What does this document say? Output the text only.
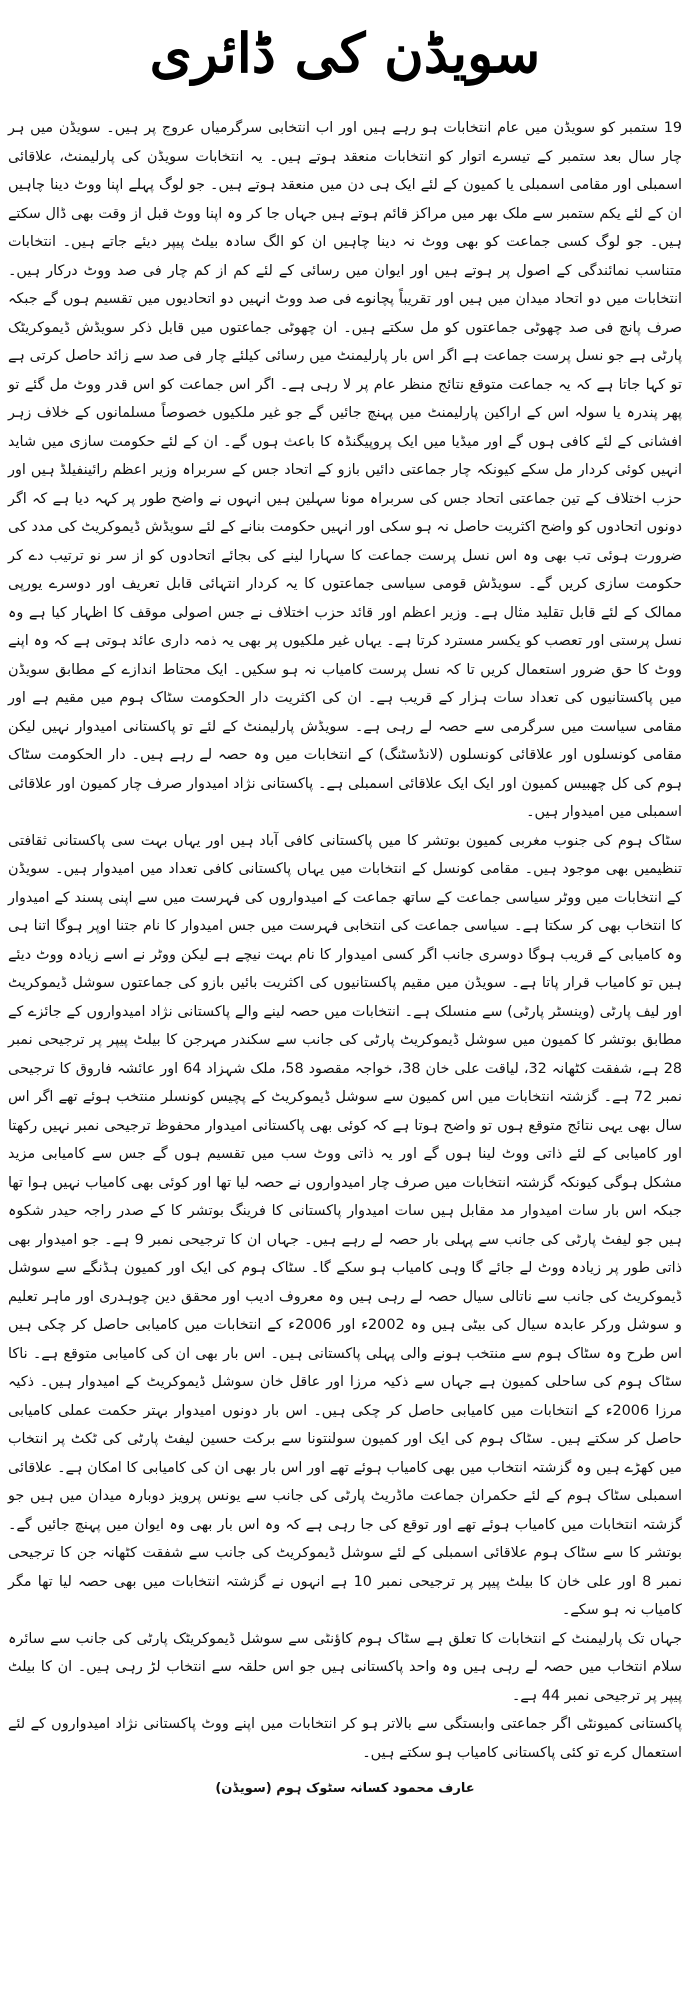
سویڈن کی ڈائری

19 ستمبر کو سویڈن میں عام انتخابات ہو رہے ہیں اور اب انتخابی سرگرمیاں عروج پر ہیں۔ سویڈن میں ہر چار سال بعد ستمبر کے تیسرے اتوار کو انتخابات منعقد ہوتے ہیں۔ یہ انتخابات سویڈن کی پارلیمنٹ، علاقائی اسمبلی اور مقامی اسمبلی یا کمیون کے لئے ایک ہی دن میں منعقد ہوتے ہیں۔ جو لوگ پہلے اپنا ووٹ دینا چاہیں ان کے لئے یکم ستمبر سے ملک بھر میں مراکز قائم ہوتے ہیں جہاں جا کر وہ اپنا ووٹ قبل از وقت بھی ڈال سکتے ہیں۔ جو لوگ کسی جماعت کو بھی ووٹ نہ دینا چاہیں ان کو الگ سادہ بیلٹ پیپر دیئے جاتے ہیں۔ انتخابات متناسب نمائندگی کے اصول پر ہوتے ہیں اور ایوان میں رسائی کے لئے کم از کم چار فی صد ووٹ درکار ہیں۔ انتخابات میں دو اتحاد میدان میں ہیں اور تقریباً پچانوے فی صد ووٹ انہیں دو اتحادیوں میں تقسیم ہوں گے جبکہ صرف پانچ فی صد چھوٹی جماعتوں کو مل سکتے ہیں۔ ان چھوٹی جماعتوں میں قابل ذکر سویڈش ڈیموکریٹک پارٹی ہے جو نسل پرست جماعت ہے اگر اس بار پارلیمنٹ میں رسائی کیلئے چار فی صد سے زائد حاصل کرتی ہے تو کہا جاتا ہے کہ یہ جماعت متوقع نتائج منظر عام پر لا رہی ہے۔ اگر اس جماعت کو اس قدر ووٹ مل گئے تو پھر پندرہ یا سولہ اس کے اراکین پارلیمنٹ میں پہنچ جائیں گے جو غیر ملکیوں خصوصاً مسلمانوں کے خلاف زہر افشانی کے لئے کافی ہوں گے اور میڈیا میں ایک پروپیگنڈہ کا باعث ہوں گے۔ ان کے لئے حکومت سازی میں شاید انہیں کوئی کردار مل سکے کیونکہ چار جماعتی دائیں بازو کے اتحاد جس کے سربراہ وزیر اعظم رائینفیلڈ ہیں اور حزب اختلاف کے تین جماعتی اتحاد جس کی سربراہ مونا سہلین ہیں انہوں نے واضح طور پر کہہ دیا ہے کہ اگر دونوں اتحادوں کو واضح اکثریت حاصل نہ ہو سکی اور انہیں حکومت بنانے کے لئے سویڈش ڈیموکریٹ کی مدد کی ضرورت ہوئی تب بھی وہ اس نسل پرست جماعت کا سہارا لینے کی بجائے اتحادوں کو از سر نو ترتیب دے کر حکومت سازی کریں گے۔ سویڈش قومی سیاسی جماعتوں کا یہ کردار انتہائی قابل تعریف اور دوسرے یورپی ممالک کے لئے قابل تقلید مثال ہے۔ وزیر اعظم اور قائد حزب اختلاف نے جس اصولی موقف کا اظہار کیا ہے وہ نسل پرستی اور تعصب کو یکسر مسترد کرتا ہے۔ یہاں غیر ملکیوں پر بھی یہ ذمہ داری عائد ہوتی ہے کہ وہ اپنے ووٹ کا حق ضرور استعمال کریں تا کہ نسل پرست کامیاب نہ ہو سکیں۔ ایک محتاط اندازے کے مطابق سویڈن میں پاکستانیوں کی تعداد سات ہزار کے قریب ہے۔ ان کی اکثریت دار الحکومت سٹاک ہوم میں مقیم ہے اور مقامی سیاست میں سرگرمی سے حصہ لے رہی ہے۔ سویڈش پارلیمنٹ کے لئے تو پاکستانی امیدوار نہیں لیکن مقامی کونسلوں اور علاقائی کونسلوں (لانڈسٹنگ) کے انتخابات میں وہ حصہ لے رہے ہیں۔ دار الحکومت سٹاک ہوم کی کل چھبیس کمیون اور ایک ایک علاقائی اسمبلی ہے۔ پاکستانی نژاد امیدوار صرف چار کمیون اور علاقائی اسمبلی میں امیدوار ہیں۔

سٹاک ہوم کی جنوب مغربی کمیون بوتشر کا میں پاکستانی کافی آباد ہیں اور یہاں بہت سی پاکستانی ثقافتی تنظیمیں بھی موجود ہیں۔ مقامی کونسل کے انتخابات میں یہاں پاکستانی کافی تعداد میں امیدوار ہیں۔ سویڈن کے انتخابات میں ووٹر سیاسی جماعت کے ساتھ جماعت کے امیدواروں کی فہرست میں سے اپنی پسند کے امیدوار کا انتخاب بھی کر سکتا ہے۔ سیاسی جماعت کی انتخابی فہرست میں جس امیدوار کا نام جتنا اوپر ہوگا اتنا ہی وہ کامیابی کے قریب ہوگا دوسری جانب اگر کسی امیدوار کا نام بہت نیچے ہے لیکن ووٹر نے اسے زیادہ ووٹ دیئے ہیں تو کامیاب قرار پاتا ہے۔ سویڈن میں مقیم پاکستانیوں کی اکثریت بائیں بازو کی جماعتوں سوشل ڈیموکریٹ اور لیف پارٹی (وینسٹر پارٹی) سے منسلک ہے۔ انتخابات میں حصہ لینے والے پاکستانی نژاد امیدواروں کے جائزے کے مطابق بوتشر کا کمیون میں سوشل ڈیموکریٹ پارٹی کی جانب سے سکندر مہرجن کا بیلٹ پیپر پر ترجیحی نمبر 28 ہے، شفقت کٹھانہ 32، لیاقت علی خان 38، خواجہ مقصود 58، ملک شہزاد 64 اور عائشہ فاروق کا ترجیحی نمبر 72 ہے۔ گزشتہ انتخابات میں اس کمیون سے سوشل ڈیموکریٹ کے پچیس کونسلر منتخب ہوئے تھے اگر اس سال بھی یہی نتائج متوقع ہوں تو واضح ہوتا ہے کہ کوئی بھی پاکستانی امیدوار محفوظ ترجیحی نمبر نہیں رکھتا اور کامیابی کے لئے ذاتی ووٹ لینا ہوں گے اور یہ ذاتی ووٹ سب میں تقسیم ہوں گے جس سے کامیابی مزید مشکل ہوگی کیونکہ گزشتہ انتخابات میں صرف چار امیدواروں نے حصہ لیا تھا اور کوئی بھی کامیاب نہیں ہوا تھا جبکہ اس بار سات امیدوار مد مقابل ہیں سات امیدوار پاکستانی کا فرینگ بوتشر کا کے صدر راجہ حیدر شکوہ ہیں جو لیفٹ پارٹی کی جانب سے پہلی بار حصہ لے رہے ہیں۔ جہاں ان کا ترجیحی نمبر 9 ہے۔ جو امیدوار بھی ذاتی طور پر زیادہ ووٹ لے جائے گا وہی کامیاب ہو سکے گا۔ سٹاک ہوم کی ایک اور کمیون ہڈنگے سے سوشل ڈیموکریٹ کی جانب سے ناتالی سیال حصہ لے رہی ہیں وہ معروف ادیب اور محقق دین چوہدری اور ماہر تعلیم و سوشل ورکر عابدہ سیال کی بیٹی ہیں وہ 2002ء اور 2006ء کے انتخابات میں کامیابی حاصل کر چکی ہیں اس طرح وہ سٹاک ہوم سے منتخب ہونے والی پہلی پاکستانی ہیں۔ اس بار بھی ان کی کامیابی متوقع ہے۔ ناکا سٹاک ہوم کی ساحلی کمیون ہے جہاں سے ذکیہ مرزا اور عاقل خان سوشل ڈیموکریٹ کے امیدوار ہیں۔ ذکیہ مرزا 2006ء کے انتخابات میں کامیابی حاصل کر چکی ہیں۔ اس بار دونوں امیدوار بہتر حکمت عملی کامیابی حاصل کر سکتے ہیں۔ سٹاک ہوم کی ایک اور کمیون سولنتونا سے برکت حسین لیفٹ پارٹی کی ٹکٹ پر انتخاب میں کھڑے ہیں وہ گزشتہ انتخاب میں بھی کامیاب ہوئے تھے اور اس بار بھی ان کی کامیابی کا امکان ہے۔ علاقائی اسمبلی سٹاک ہوم کے لئے حکمران جماعت ماڈریٹ پارٹی کی جانب سے یونس پرویز دوبارہ میدان میں ہیں جو گزشتہ انتخابات میں کامیاب ہوئے تھے اور توقع کی جا رہی ہے کہ وہ اس بار بھی وہ ایوان میں پہنچ جائیں گے۔ بوتشر کا سے سٹاک ہوم علاقائی اسمبلی کے لئے سوشل ڈیموکریٹ کی جانب سے شفقت کٹھانہ جن کا ترجیحی نمبر 8 اور علی خان کا بیلٹ پیپر پر ترجیحی نمبر 10 ہے انہوں نے گزشتہ انتخابات میں بھی حصہ لیا تھا مگر کامیاب نہ ہو سکے۔

جہاں تک پارلیمنٹ کے انتخابات کا تعلق ہے سٹاک ہوم کاؤنٹی سے سوشل ڈیموکریٹک پارٹی کی جانب سے سائرہ سلام انتخاب میں حصہ لے رہی ہیں وہ واحد پاکستانی ہیں جو اس حلقہ سے انتخاب لڑ رہی ہیں۔ ان کا بیلٹ پیپر پر ترجیحی نمبر 44 ہے۔

پاکستانی کمیونٹی اگر جماعتی وابستگی سے بالاتر ہو کر انتخابات میں اپنے ووٹ پاکستانی نژاد امیدواروں کے لئے استعمال کرے تو کئی پاکستانی کامیاب ہو سکتے ہیں۔

عارف محمود کسانہ سٹوک ہوم (سویڈن)
